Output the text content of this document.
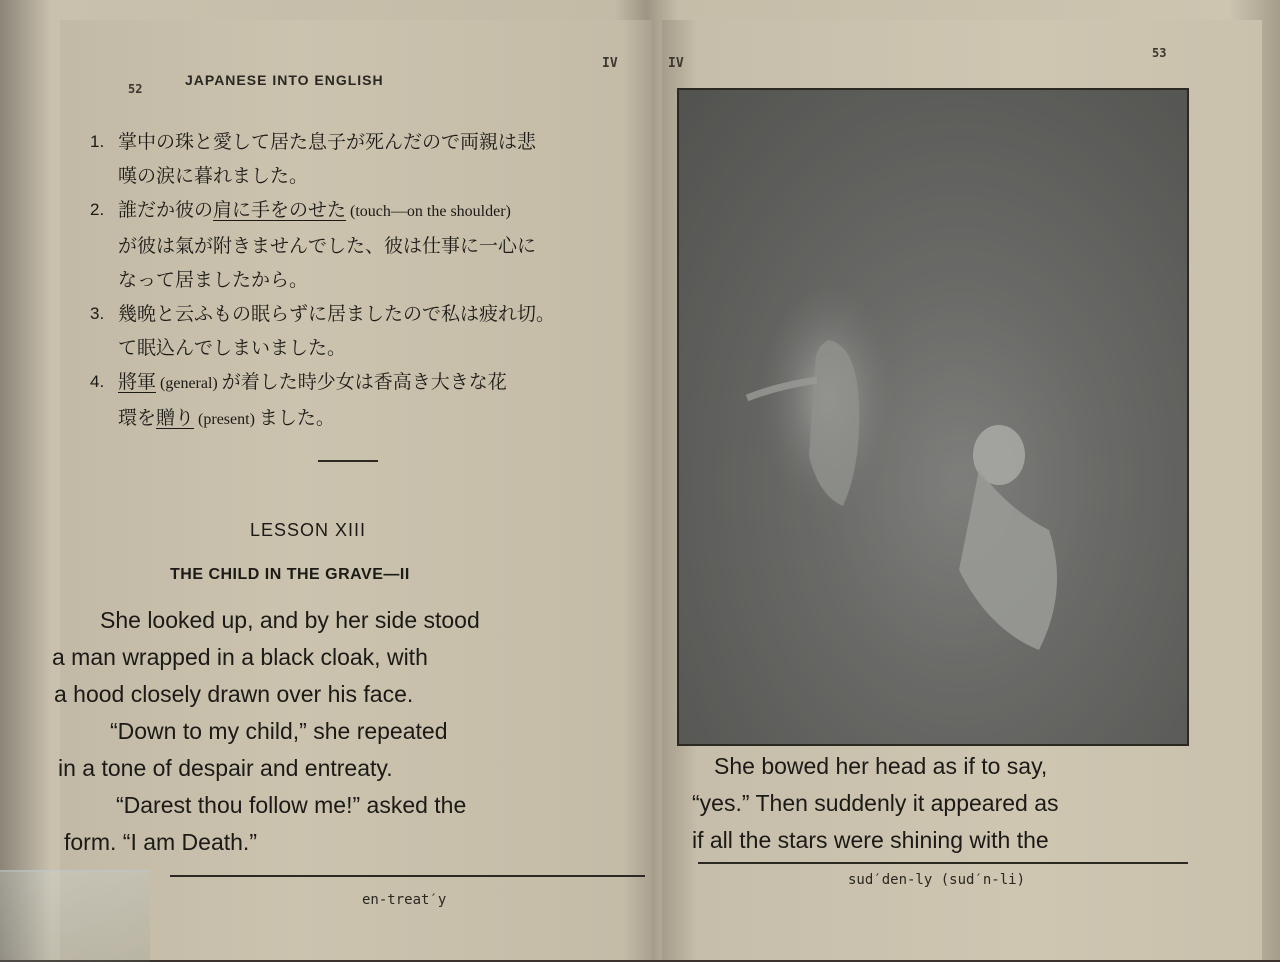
52
IV
JAPANESE INTO ENGLISH
1. 掌中の珠と愛して居た息子が死んだので両親は悲
嘆の涙に暮れました。
2. 誰だか彼の肩に手をのせた (touch—on the shoulder)
が彼は氣が附きませんでした、彼は仕事に一心に
なって居ましたから。
3. 幾晩と云ふもの眠らずに居ましたので私は疲れ切。
て眠込んでしまいました。
4. 將軍 (general) が着した時少女は香高き大きな花
環を贈り (present) ました。
LESSON XIII
THE CHILD IN THE GRAVE—II

She looked up, and by her side stood

a man wrapped in a black cloak, with

a hood closely drawn over his face.

“Down to my child,” she repeated

in a tone of despair and entreaty.

“Darest thou follow me!” asked the

form. “I am Death.”

en-treat′y
IV
53

She bowed her head as if to say,

“yes.” Then suddenly it appeared as

if all the stars were shining with the

sud′den-ly (sud′n-li)
